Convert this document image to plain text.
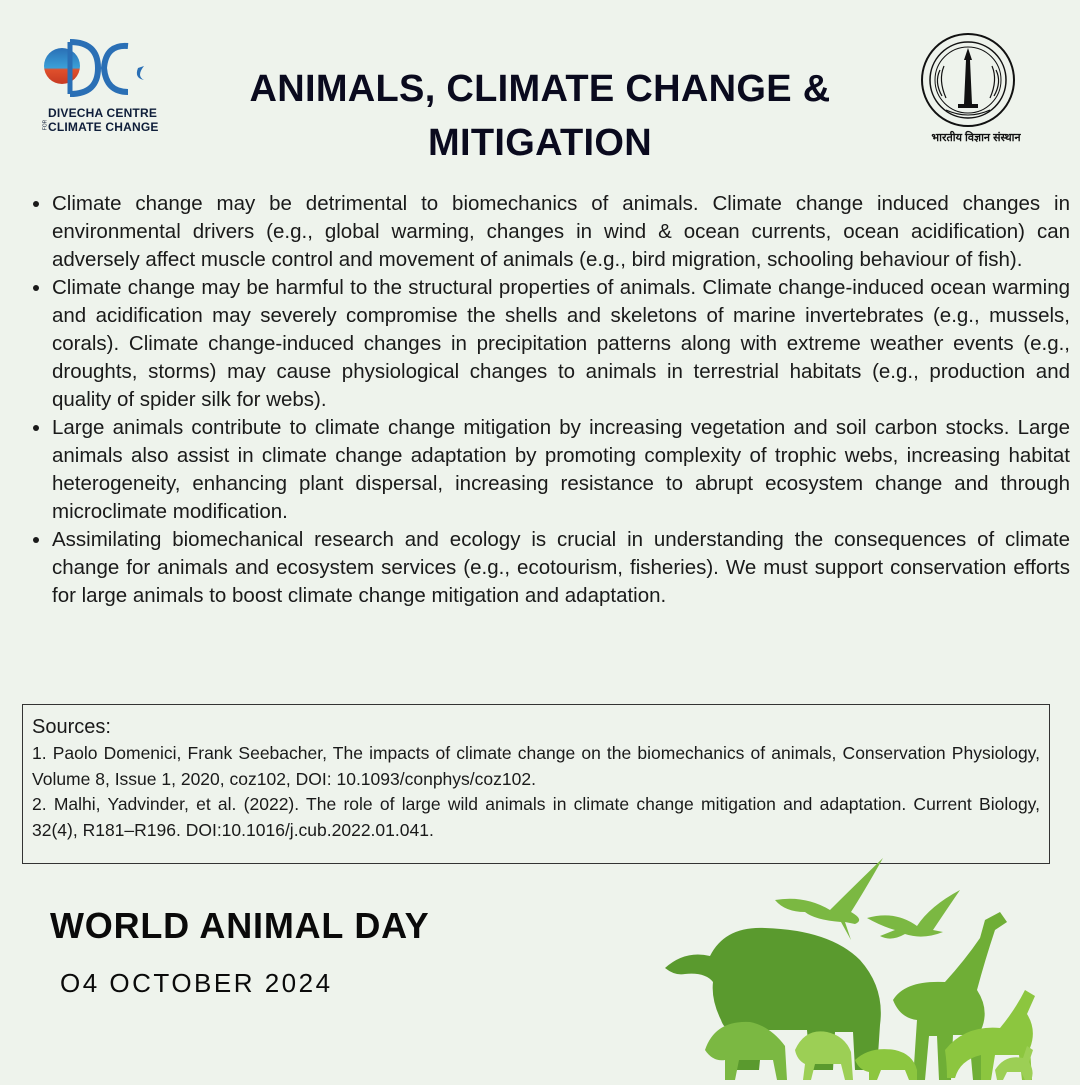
DIVECHA CENTRE
FOR CLIMATE CHANGE
ANIMALS, CLIMATE CHANGE &
MITIGATION	भारतीय विज्ञान संस्थान
• Climate change may be detrimental to biomechanics of animals. Climate change induced changes in environmental drivers (e.g., global warming, changes in wind & ocean currents, ocean acidification) can adversely affect muscle control and movement of animals (e.g., bird migration, schooling behaviour of fish).
• Climate change may be harmful to the structural properties of animals. Climate change-induced ocean warming and acidification may severely compromise the shells and skeletons of marine invertebrates (e.g., mussels, corals). Climate change-induced changes in precipitation patterns along with extreme weather events (e.g., droughts, storms) may cause physiological changes to animals in terrestrial habitats (e.g., production and quality of spider silk for webs).
• Large animals contribute to climate change mitigation by increasing vegetation and soil carbon stocks. Large animals also assist in climate change adaptation by promoting complexity of trophic webs, increasing habitat heterogeneity, enhancing plant dispersal, increasing resistance to abrupt ecosystem change and through microclimate modification.
• Assimilating biomechanical research and ecology is crucial in understanding the consequences of climate change for animals and ecosystem services (e.g., ecotourism, fisheries). We must support conservation efforts for large animals to boost climate change mitigation and adaptation.
Sources:

1. Paolo Domenici, Frank Seebacher, The impacts of climate change on the biomechanics of animals, Conservation Physiology, Volume 8, Issue 1, 2020, coz102, DOI: 10.1093/conphys/coz102.

2. Malhi, Yadvinder, et al. (2022). The role of large wild animals in climate change mitigation and adaptation. Current Biology, 32(4), R181–R196. DOI:10.1016/j.cub.2022.01.041.

WORLD ANIMAL DAY
O4 OCTOBER 2024
